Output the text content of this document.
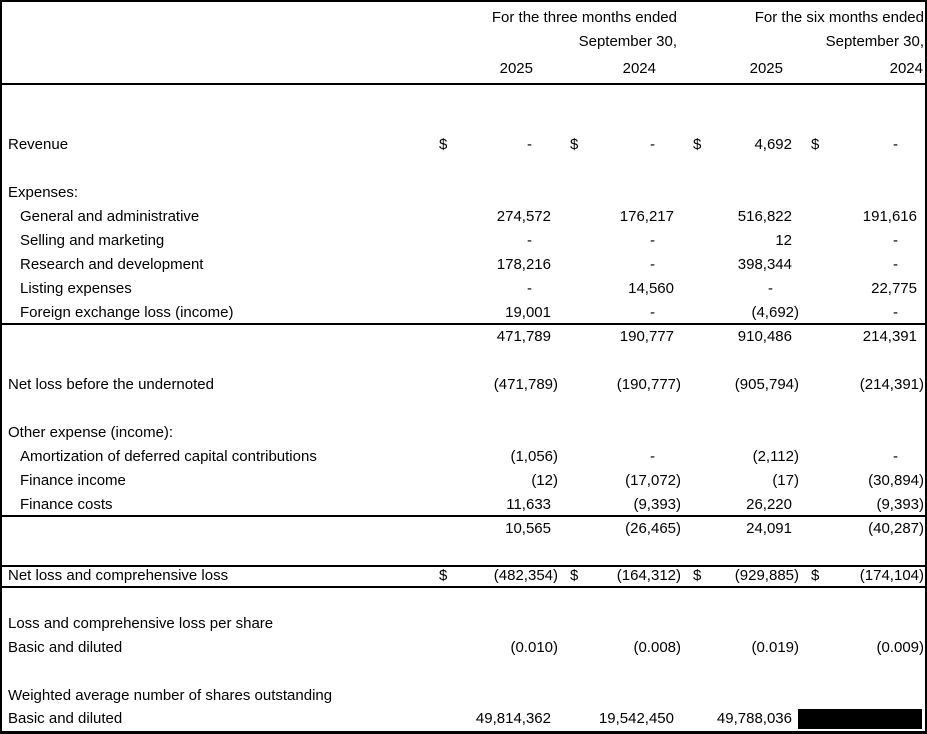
For the three months ended	For the six months ended
September 30,	September 30,
2025	2024	2025	2024
Revenue	$	-	$	-	$	4,692	$	-
Expenses:
General and administrative	274,572	176,217	516,822	191,616
Selling and marketing	-	-	12	-
Research and development	178,216	-	398,344	-
Listing expenses	-	14,560	-	22,775
Foreign exchange loss (income)	19,001	-	(4,692)	-
471,789	190,777	910,486	214,391
Net loss before the undernoted	(471,789)	(190,777)	(905,794)	(214,391)
Other expense (income):
Amortization of deferred capital contributions	(1,056)	-	(2,112)	-
Finance income	(12)	(17,072)	(17)	(30,894)
Finance costs	11,633	(9,393)	26,220	(9,393)
10,565	(26,465)	24,091	(40,287)
Net loss and comprehensive loss	$	(482,354) $	(164,312) $	(929,885) $	(174,104)
Loss and comprehensive loss per share
Basic and diluted	(0.010)	(0.008)	(0.019)	(0.009)
Weighted average number of shares outstanding
Basic and diluted	49,814,362	19,542,450	49,788,036
